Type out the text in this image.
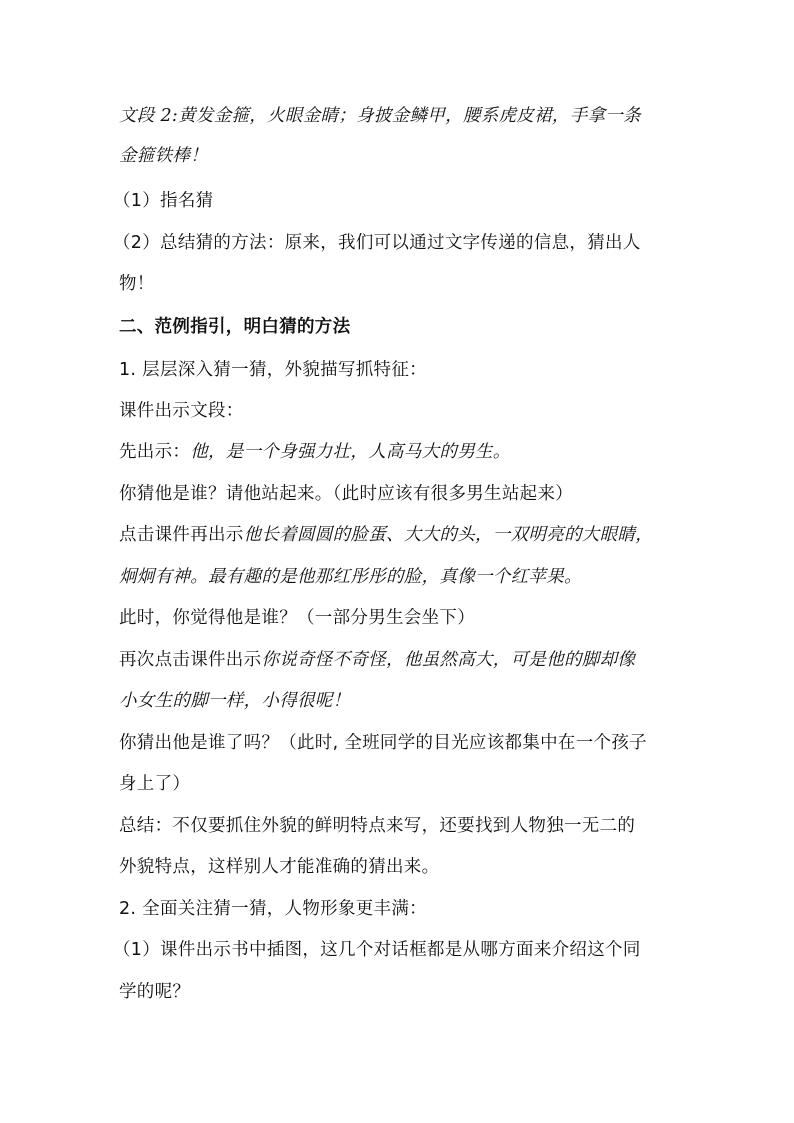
文段 2:黄发金箍，火眼金睛；身披金鳞甲，腰系虎皮裙，手拿一条
金箍铁棒！
（1）指名猜
（2）总结猜的方法：原来，我们可以通过文字传递的信息，猜出人
物！
二、范例指引，明白猜的方法
1. 层层深入猜一猜，外貌描写抓特征：
课件出示文段：
先出示：他，是一个身强力壮，人高马大的男生。
你猜他是谁？请他站起来。（此时应该有很多男生站起来）
点击课件再出示他长着圆圆的脸蛋、大大的头，一双明亮的大眼睛，
炯炯有神。最有趣的是他那红彤彤的脸，真像一个红苹果。
此时，你觉得他是谁？（一部分男生会坐下）
再次点击课件出示你说奇怪不奇怪，他虽然高大，可是他的脚却像
小女生的脚一样，小得很呢！
你猜出他是谁了吗？（此时, 全班同学的目光应该都集中在一个孩子
身上了）
总结：不仅要抓住外貌的鲜明特点来写，还要找到人物独一无二的
外貌特点，这样别人才能准确的猜出来。
2. 全面关注猜一猜，人物形象更丰满：
（1）课件出示书中插图，这几个对话框都是从哪方面来介绍这个同
学的呢？
